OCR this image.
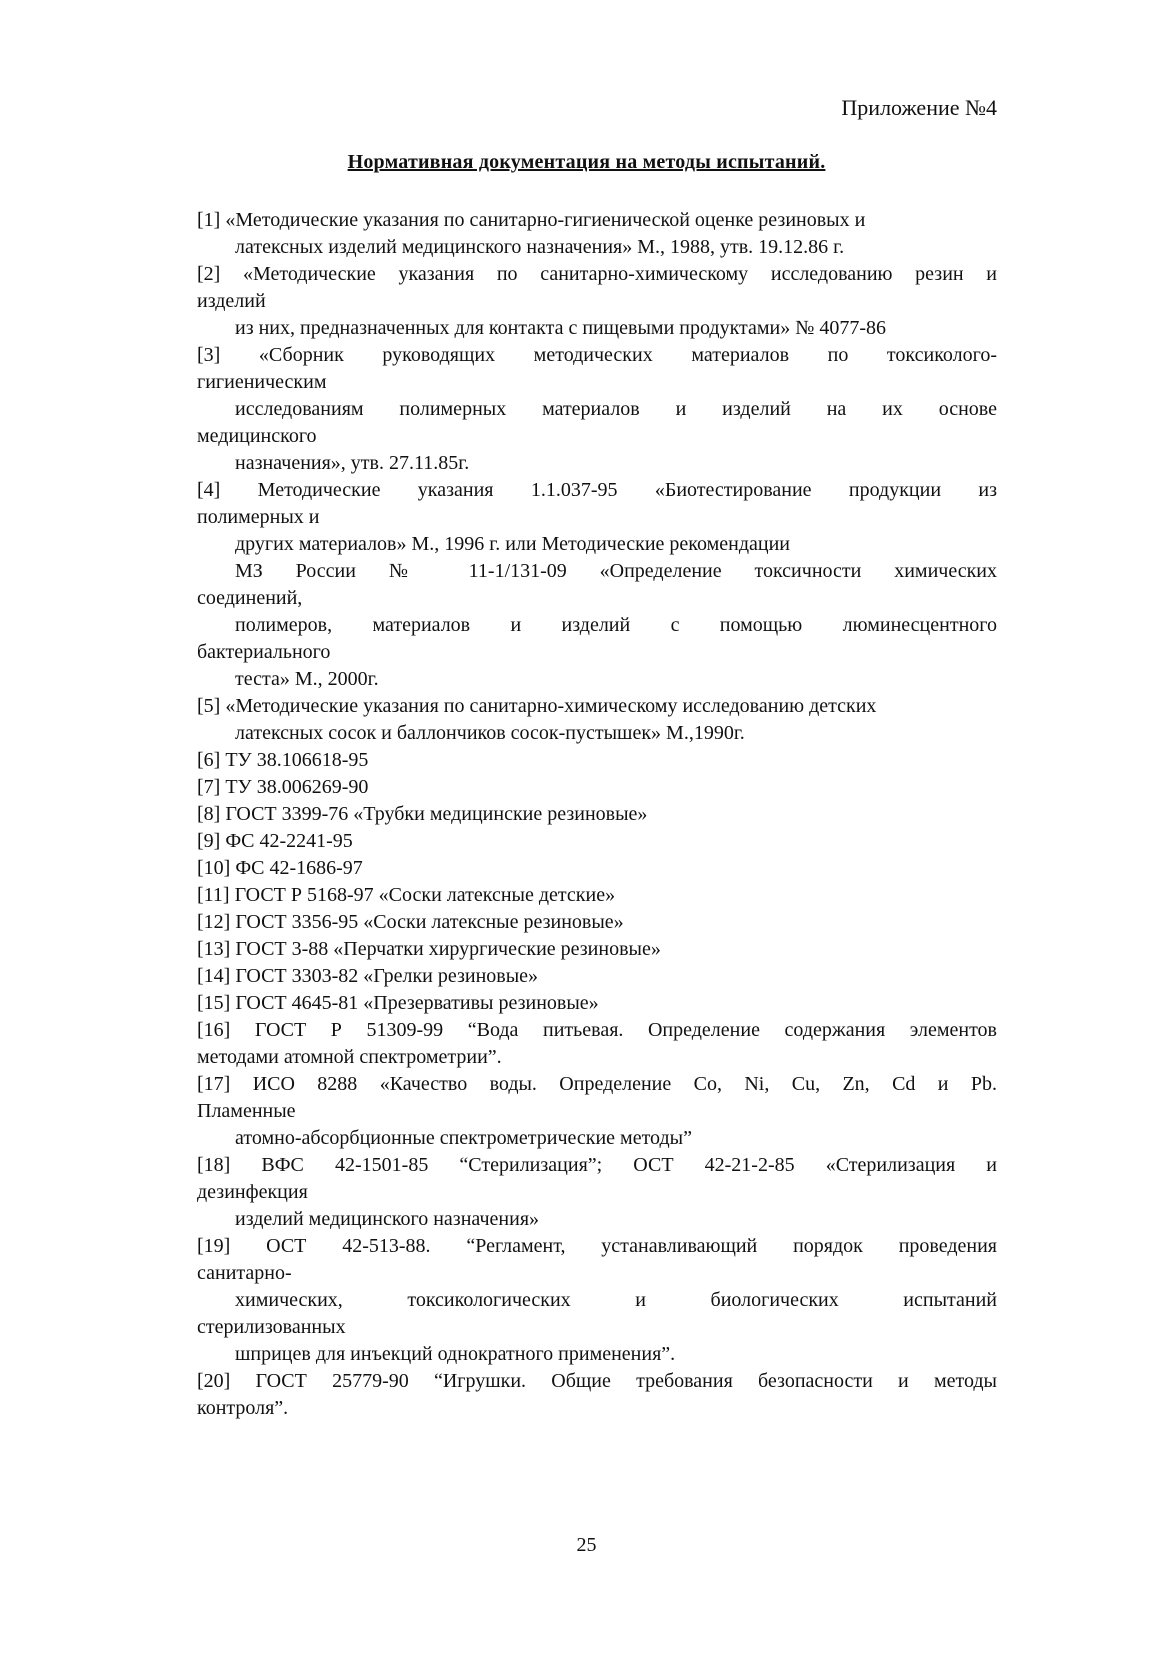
Приложение №4
Нормативная документация на методы испытаний.
[1] «Методические указания по санитарно-гигиенической оценке резиновых и
латексных изделий медицинского назначения» М., 1988, утв. 19.12.86 г.
[2] «Методические указания по санитарно-химическому исследованию резин и
изделий
из них, предназначенных для контакта с пищевыми продуктами» № 4077-86
[3] «Сборник руководящих методических материалов по токсиколого-
гигиеническим
исследованиям полимерных материалов и изделий на их основе
медицинского
назначения», утв. 27.11.85г.
[4] Методические указания 1.1.037-95 «Биотестирование продукции из
полимерных и
других материалов» М., 1996 г. или Методические рекомендации
МЗ России № 11-1/131-09 «Определение токсичности химических
соединений,
полимеров, материалов и изделий с помощью люминесцентного
бактериального
теста» М., 2000г.
[5] «Методические указания по санитарно-химическому исследованию детских
латексных сосок и баллончиков сосок-пустышек» М.,1990г.
[6] ТУ 38.106618-95
[7] ТУ 38.006269-90
[8] ГОСТ 3399-76 «Трубки медицинские резиновые»
[9] ФС 42-2241-95
[10] ФС 42-1686-97
[11] ГОСТ Р 5168-97 «Соски латексные детские»
[12] ГОСТ 3356-95 «Соски латексные резиновые»
[13] ГОСТ 3-88 «Перчатки хирургические резиновые»
[14] ГОСТ 3303-82 «Грелки резиновые»
[15] ГОСТ 4645-81 «Презервативы резиновые»
[16] ГОСТ Р 51309-99 “Вода питьевая. Определение содержания элементов
методами атомной спектрометрии”.
[17] ИСО 8288 «Качество воды. Определение Co, Ni, Cu, Zn, Cd и Pb.
Пламенные
атомно-абсорбционные спектрометрические методы”
[18] ВФС 42-1501-85 “Стерилизация”; ОСТ 42-21-2-85 «Стерилизация и
дезинфекция
изделий медицинского назначения»
[19] ОСТ 42-513-88. “Регламент, устанавливающий порядок проведения
санитарно-
химических, токсикологических и биологических испытаний
стерилизованных
шприцев для инъекций однократного применения”.
[20] ГОСТ 25779-90 “Игрушки. Общие требования безопасности и методы
контроля”.
25
